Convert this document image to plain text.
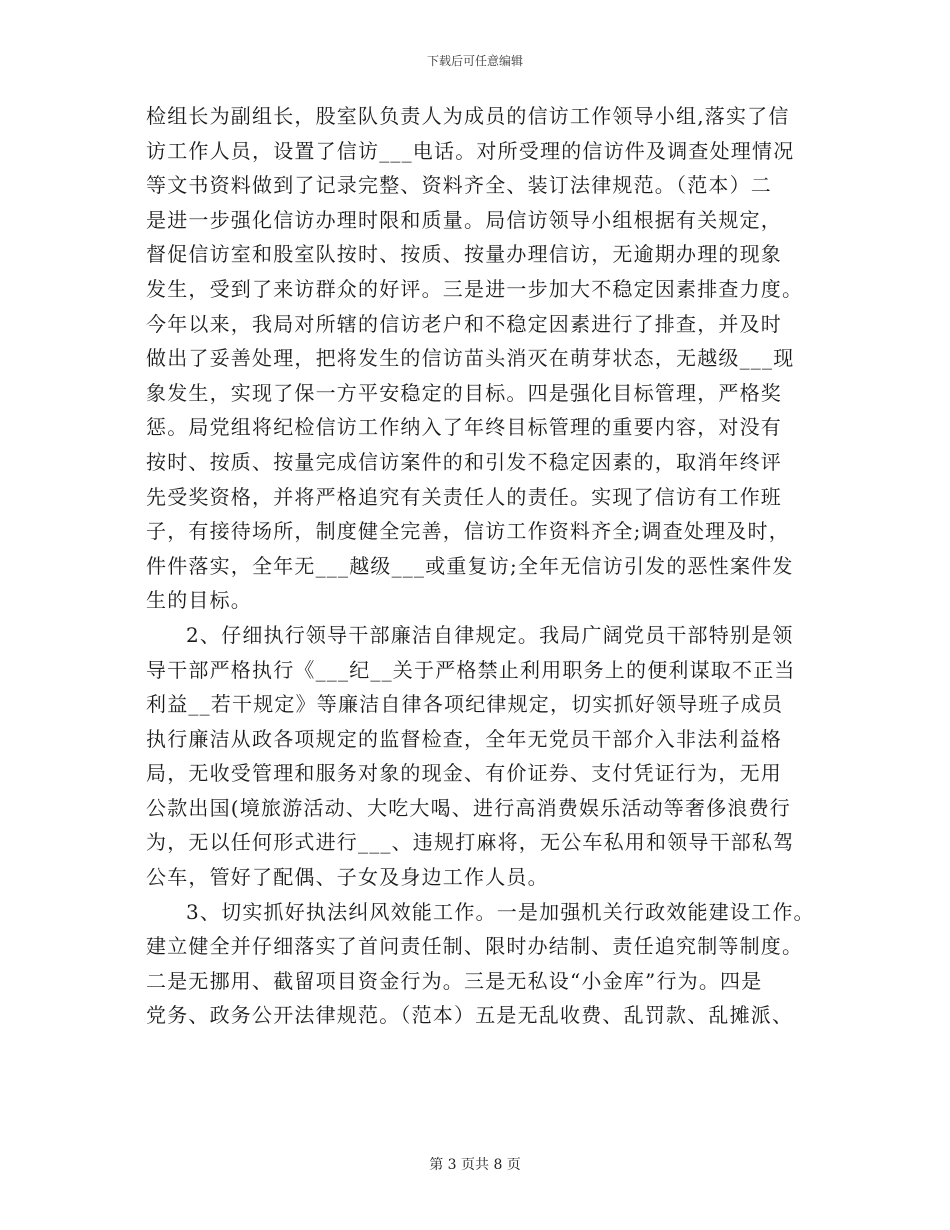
下载后可任意编辑
检组长为副组长，股室队负责人为成员的信访工作领导小组,落实了信
访工作人员，设置了信访___电话。对所受理的信访件及调查处理情况
等文书资料做到了记录完整、资料齐全、装订法律规范。（范本）二
是进一步强化信访办理时限和质量。局信访领导小组根据有关规定，
督促信访室和股室队按时、按质、按量办理信访，无逾期办理的现象
发生，受到了来访群众的好评。三是进一步加大不稳定因素排查力度。
今年以来，我局对所辖的信访老户和不稳定因素进行了排查，并及时
做出了妥善处理，把将发生的信访苗头消灭在萌芽状态，无越级___现
象发生，实现了保一方平安稳定的目标。四是强化目标管理，严格奖
惩。局党组将纪检信访工作纳入了年终目标管理的重要内容，对没有
按时、按质、按量完成信访案件的和引发不稳定因素的，取消年终评
先受奖资格，并将严格追究有关责任人的责任。实现了信访有工作班
子，有接待场所，制度健全完善，信访工作资料齐全;调查处理及时，
件件落实，全年无___越级___或重复访;全年无信访引发的恶性案件发
生的目标。
2、仔细执行领导干部廉洁自律规定。我局广阔党员干部特别是领
导干部严格执行《___纪__关于严格禁止利用职务上的便利谋取不正当
利益__若干规定》等廉洁自律各项纪律规定，切实抓好领导班子成员
执行廉洁从政各项规定的监督检查，全年无党员干部介入非法利益格
局，无收受管理和服务对象的现金、有价证券、支付凭证行为，无用
公款出国(境旅游活动、大吃大喝、进行高消费娱乐活动等奢侈浪费行
为，无以任何形式进行___、违规打麻将，无公车私用和领导干部私驾
公车，管好了配偶、子女及身边工作人员。
3、切实抓好执法纠风效能工作。一是加强机关行政效能建设工作。
建立健全并仔细落实了首问责任制、限时办结制、责任追究制等制度。
二是无挪用、截留项目资金行为。三是无私设“小金库”行为。四是
党务、政务公开法律规范。（范本）五是无乱收费、乱罚款、乱摊派、
第 3 页共 8 页
